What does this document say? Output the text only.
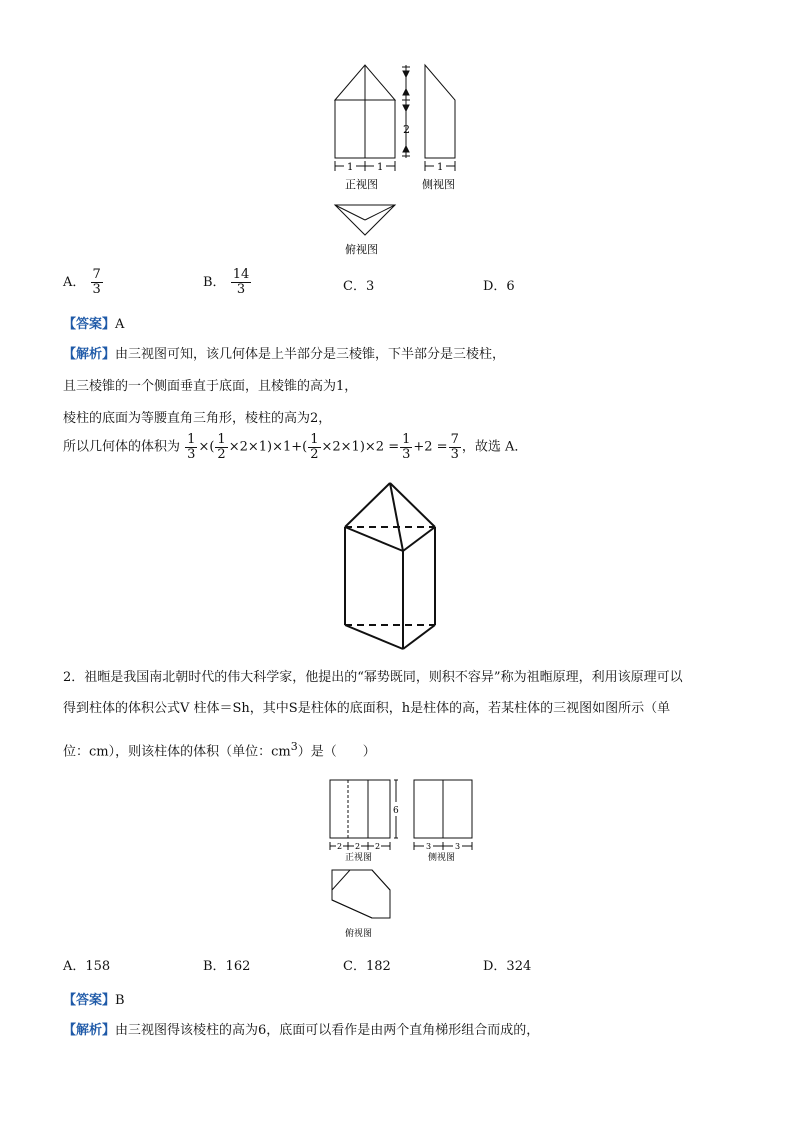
2
1 1
正视图
1
侧视图
俯视图
A． $\frac{7}{3}$	B． $\frac{14}{3}$	C．3	D．6
【答案】A
【解析】由三视图可知，该几何体是上半部分是三棱锥，下半部分是三棱柱，
且三棱锥的一个侧面垂直于底面，且棱锥的高为1，
棱柱的底面为等腰直角三角形，棱柱的高为2，
所以几何体的体积为 $\frac{1}{3}$ ×( $\frac{1}{2} \times 2\times 1)\times 1+( \frac{1}{2} \times 2\times 1)\times 2 = \frac{1}{3} +2 = \frac{7}{3}$ ，故选 A．
2．祖暅是我国南北朝时代的伟大科学家，他提出的“幂势既同，则积不容异”称为祖暅原理，利用该原理可以
得到柱体的体积公式V 柱体＝Sh，其中S是柱体的底面积，h是柱体的高，若某柱体的三视图如图所示（单
位：cm），则该柱体的体积（单位：$cm^3$）是（　　）
6
2 2 2
正视图
3	3
侧视图
俯视图
A．158	B．162	C．182	D．324
【答案】B
【解析】由三视图得该棱柱的高为6，底面可以看作是由两个直角梯形组合而成的，
